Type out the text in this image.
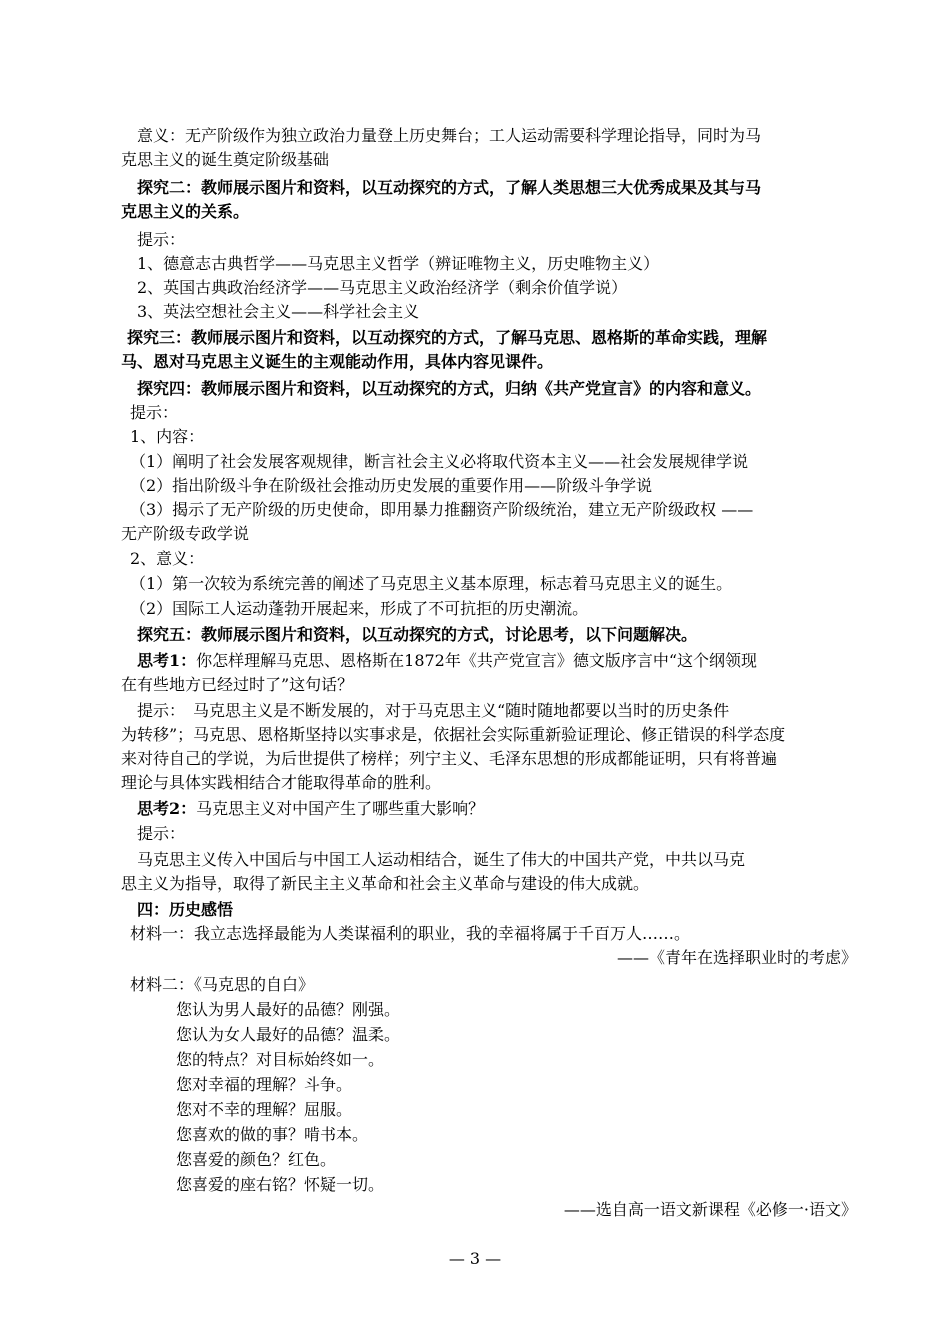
意义：无产阶级作为独立政治力量登上历史舞台；工人运动需要科学理论指导，同时为马
克思主义的诞生奠定阶级基础
探究二：教师展示图片和资料，以互动探究的方式，了解人类思想三大优秀成果及其与马
克思主义的关系。
提示：
1、德意志古典哲学——马克思主义哲学（辨证唯物主义，历史唯物主义）
2、英国古典政治经济学——马克思主义政治经济学（剩余价值学说）
3、英法空想社会主义——科学社会主义
探究三：教师展示图片和资料，以互动探究的方式，了解马克思、恩格斯的革命实践，理解
马、恩对马克思主义诞生的主观能动作用，具体内容见课件。
探究四：教师展示图片和资料，以互动探究的方式，归纳《共产党宣言》的内容和意义。
提示：
1、内容：
（1）阐明了社会发展客观规律，断言社会主义必将取代资本主义——社会发展规律学说
（2）指出阶级斗争在阶级社会推动历史发展的重要作用——阶级斗争学说
（3）揭示了无产阶级的历史使命，即用暴力推翻资产阶级统治，建立无产阶级政权 ——
无产阶级专政学说
2、意义：
（1）第一次较为系统完善的阐述了马克思主义基本原理，标志着马克思主义的诞生。
（2）国际工人运动蓬勃开展起来，形成了不可抗拒的历史潮流。
探究五：教师展示图片和资料，以互动探究的方式，讨论思考，以下问题解决。
思考1：你怎样理解马克思、恩格斯在1872年《共产党宣言》德文版序言中“这个纲领现
在有些地方已经过时了”这句话？
提示：　马克思主义是不断发展的，对于马克思主义“随时随地都要以当时的历史条件
为转移”；马克思、恩格斯坚持以实事求是，依据社会实际重新验证理论、修正错误的科学态度
来对待自己的学说，为后世提供了榜样；列宁主义、毛泽东思想的形成都能证明，只有将普遍
理论与具体实践相结合才能取得革命的胜利。
思考2：马克思主义对中国产生了哪些重大影响？
提示：
马克思主义传入中国后与中国工人运动相结合，诞生了伟大的中国共产党，中共以马克
思主义为指导，取得了新民主主义革命和社会主义革命与建设的伟大成就。
四：历史感悟
材料一：我立志选择最能为人类谋福利的职业，我的幸福将属于千百万人……。
——《青年在选择职业时的考虑》
材料二：《马克思的自白》
您认为男人最好的品德？刚强。
您认为女人最好的品德？温柔。
您的特点？对目标始终如一。
您对幸福的理解？斗争。
您对不幸的理解？屈服。
您喜欢的做的事？啃书本。
您喜爱的颜色？红色。
您喜爱的座右铭？怀疑一切。
——选自高一语文新课程《必修一·语文》
— 3 —
